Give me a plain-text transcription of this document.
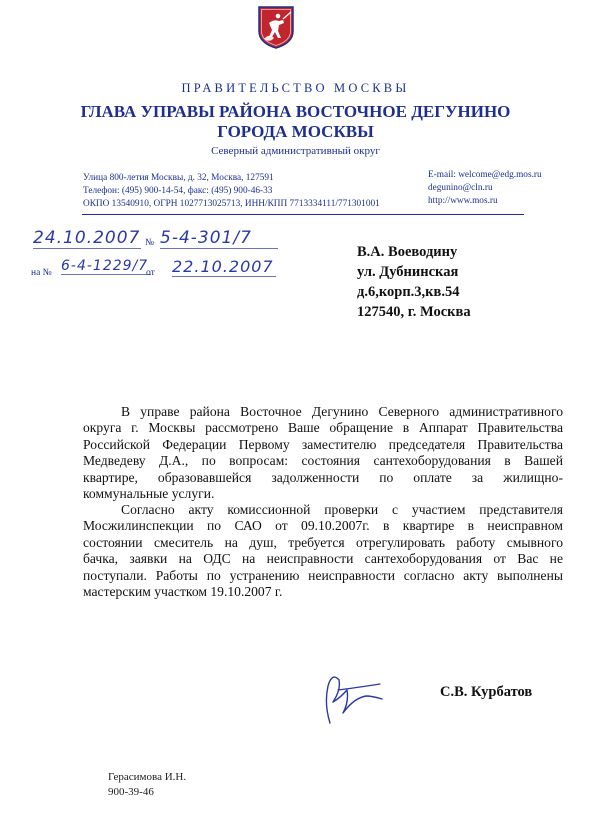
ПРАВИТЕЛЬСТВО МОСКВЫ
ГЛАВА УПРАВЫ РАЙОНА ВОСТОЧНОЕ ДЕГУНИНО
ГОРОДА МОСКВЫ
Северный административный округ
Улица 800-летия Москвы, д. 32, Москва, 127591
Телефон: (495) 900-14-54, факс: (495) 900-46-33
ОКПО 13540910, ОГРН 1027713025713, ИНН/КПП 7713334111/771301001
E-mail: welcome@edg.mos.ru
degunino@cln.ru
http://www.mos.ru
24.10.2007 № 5-4-301/7
на № 6-4-1229/7
от 22.10.2007
В.А. Воеводину
ул. Дубнинская
д.6,корп.3,кв.54
127540, г. Москва

В управе района Восточное Дегунино Северного административного
округа г. Москвы рассмотрено Ваше обращение в Аппарат Правительства
Российской Федерации Первому заместителю председателя Правительства
Медведеву Д.А., по вопросам: состояния сантехоборудования в Вашей
квартире, образовавшейся задолженности по оплате за жилищно-
коммунальные услуги.

Согласно акту комиссионной проверки с участием представителя
Мосжилинспекции по САО от 09.10.2007г. в квартире в неисправном
состоянии смеситель на душ, требуется отрегулировать работу смывного
бачка, заявки на ОДС на неисправности сантехоборудования от Вас не
поступали. Работы по устранению неисправности согласно акту выполнены
мастерским участком 19.10.2007 г.

С.В. Курбатов
Герасимова И.Н.
900-39-46
